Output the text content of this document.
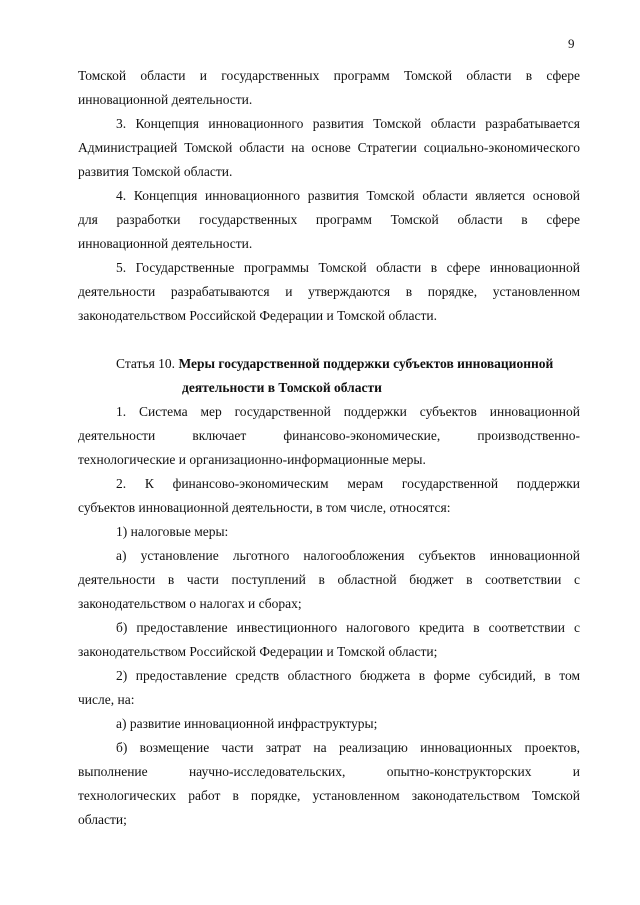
9
Томской области и государственных программ Томской области в сфере
инновационной деятельности.
3. Концепция инновационного развития Томской области разрабатывается
Администрацией Томской области на основе Стратегии социально-экономического
развития Томской области.
4. Концепция инновационного развития Томской области является основой
для разработки государственных программ Томской области в сфере
инновационной деятельности.
5. Государственные программы Томской области в сфере инновационной
деятельности разрабатываются и утверждаются в порядке, установленном
законодательством Российской Федерации и Томской области.
Статья 10. Меры государственной поддержки субъектов инновационной
деятельности в Томской области
1. Система мер государственной поддержки субъектов инновационной
деятельности включает финансово-экономические, производственно-
технологические и организационно-информационные меры.
2. К финансово-экономическим мерам государственной поддержки
субъектов инновационной деятельности, в том числе, относятся:
1) налоговые меры:
а) установление льготного налогообложения субъектов инновационной
деятельности в части поступлений в областной бюджет в соответствии с
законодательством о налогах и сборах;
б) предоставление инвестиционного налогового кредита в соответствии с
законодательством Российской Федерации и Томской области;
2) предоставление средств областного бюджета в форме субсидий, в том
числе, на:
а) развитие инновационной инфраструктуры;
б) возмещение части затрат на реализацию инновационных проектов,
выполнение научно-исследовательских, опытно-конструкторских и
технологических работ в порядке, установленном законодательством Томской
области;
